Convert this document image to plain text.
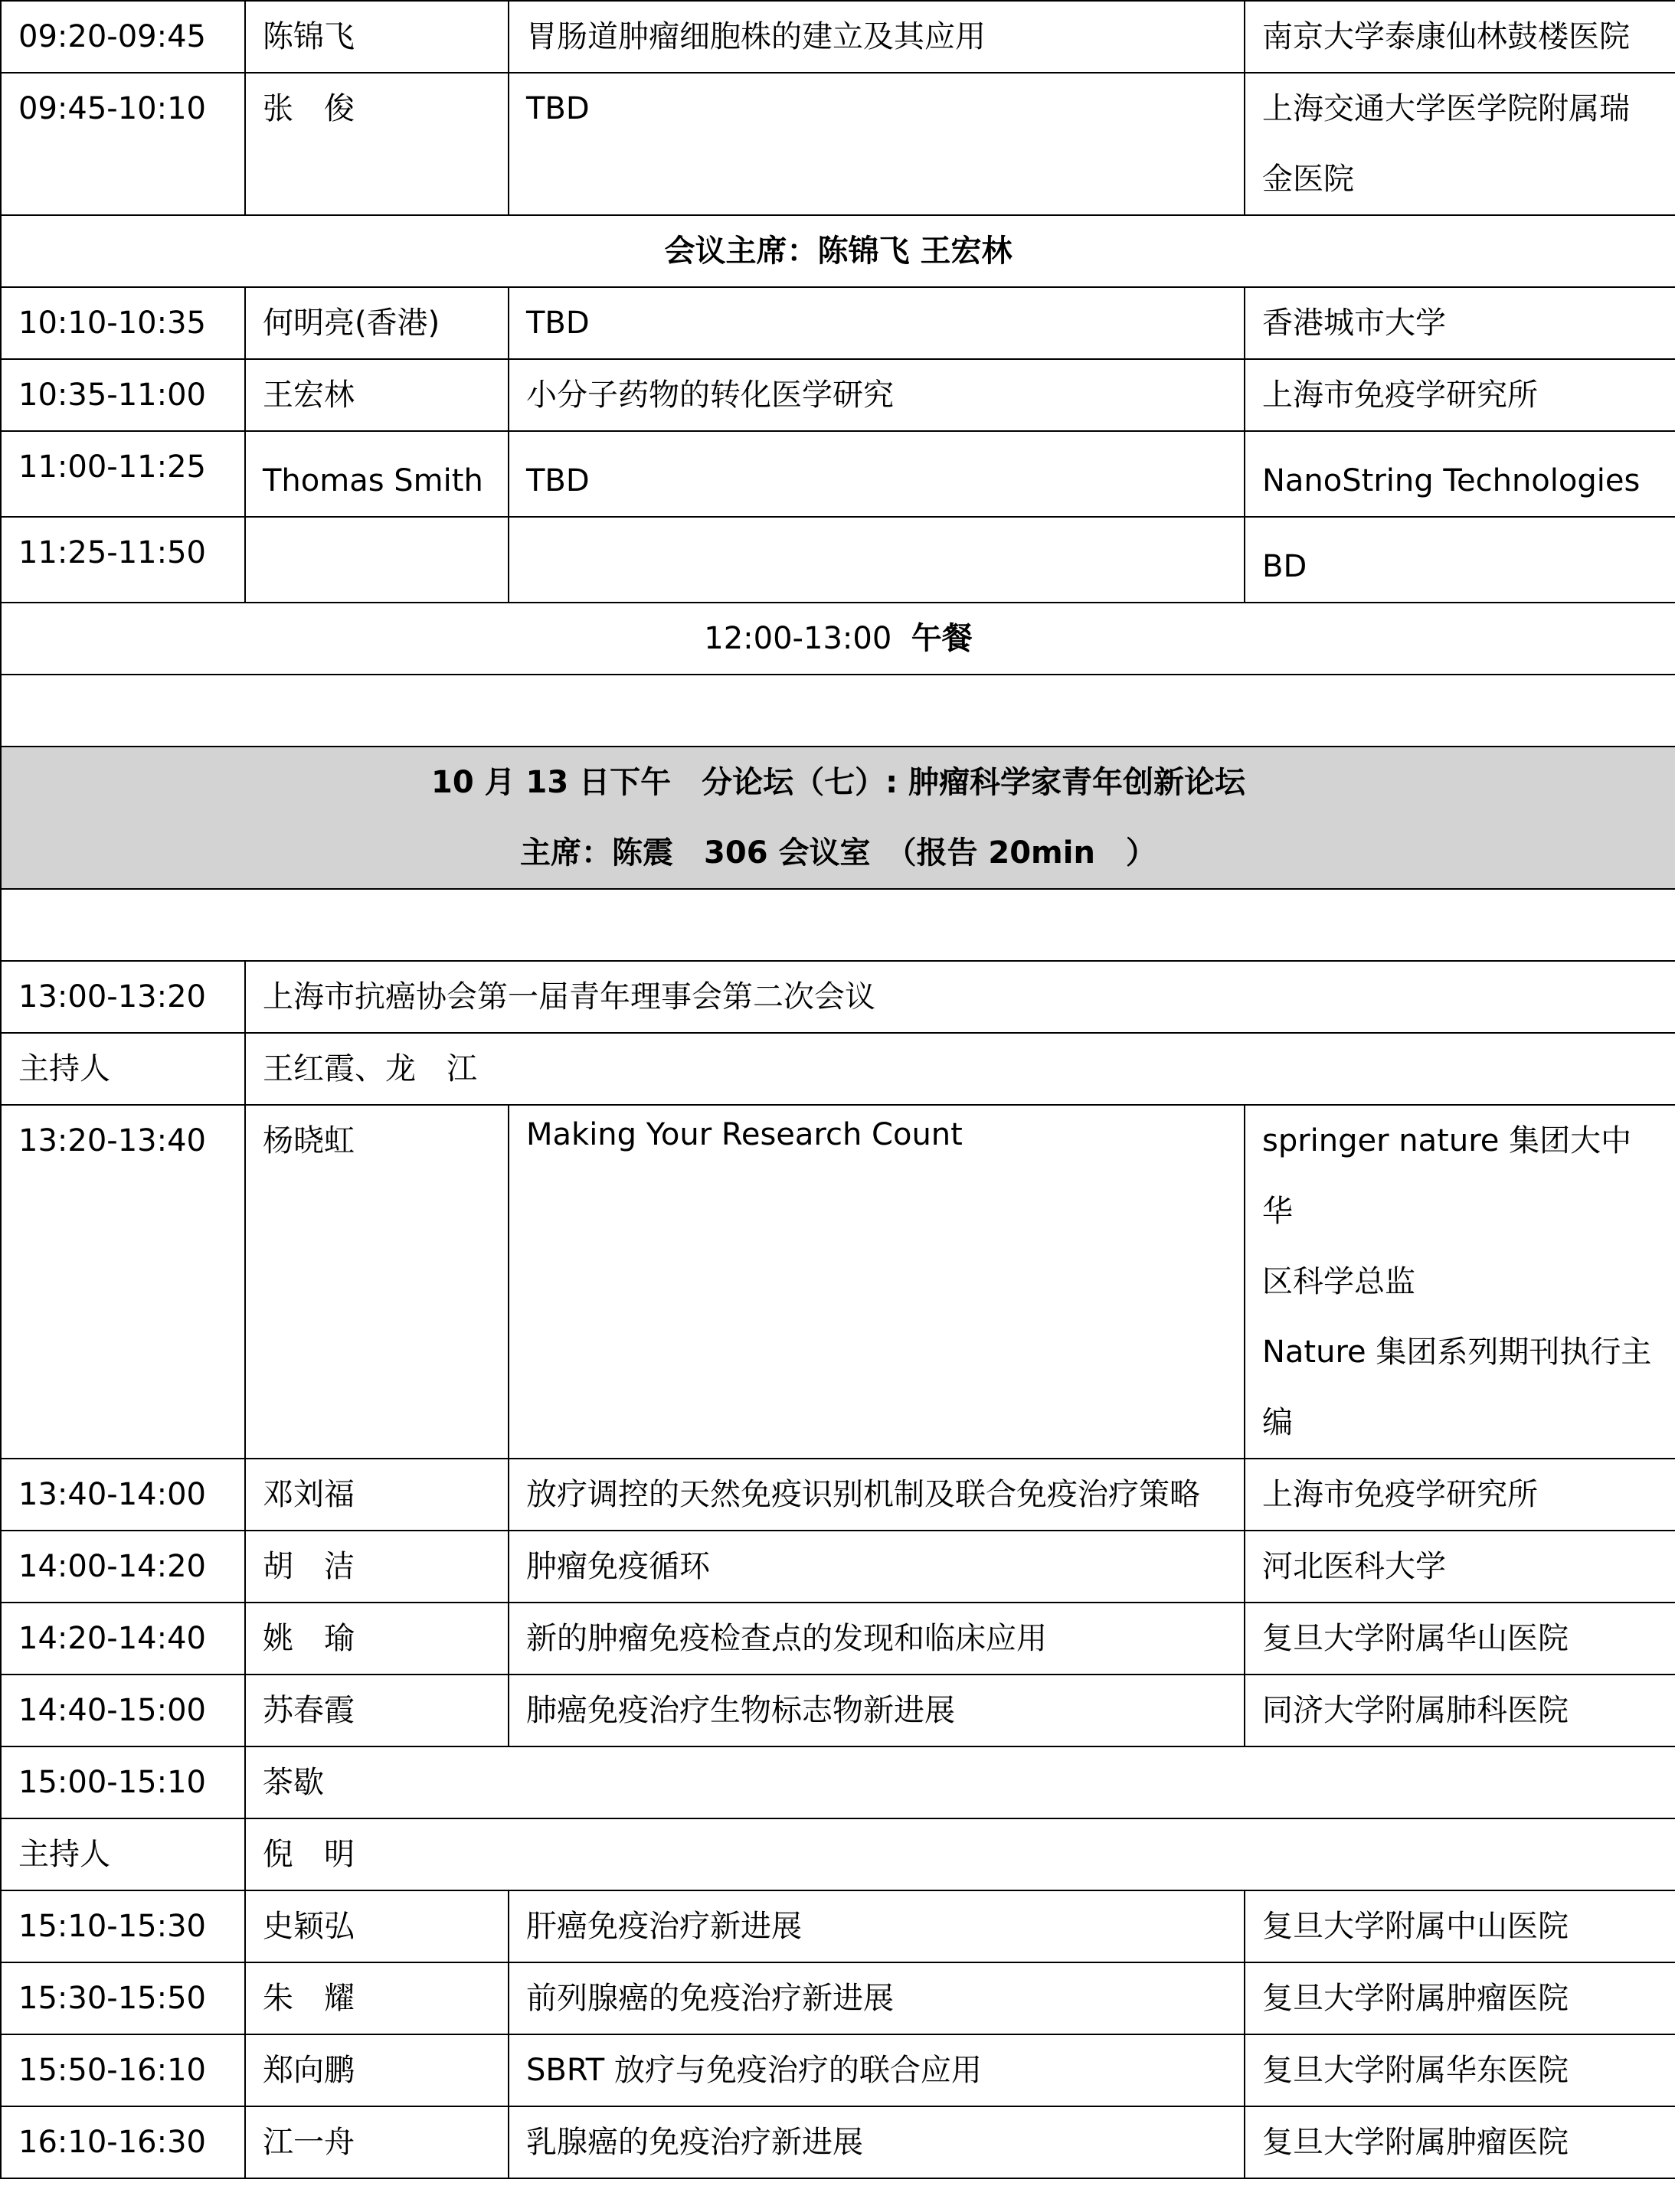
09:20-09:45	陈锦飞	胃肠道肿瘤细胞株的建立及其应用	南京大学泰康仙林鼓楼医院
09:45-10:10	张　俊	TBD	上海交通大学医学院附属瑞
金医院

会议主席：陈锦飞 王宏林			
10:10-10:35	何明亮(香港)	TBD	香港城市大学
10:35-11:00	王宏林	小分子药物的转化医学研究	上海市免疫学研究所
11:00-11:25	Thomas Smith	TBD	NanoString Technologies
11:25-11:50			BD
12:00-13:00 午餐			

10 月 13 日下午　分论坛（七）: 肿瘤科学家青年创新论坛
主席：陈震　306 会议室　（报告 20min　）			

13:00-13:20	上海市抗癌协会第一届青年理事会第二次会议		
主持人	王红霞、龙　江		
13:20-13:40	杨晓虹	Making Your Research Count	springer nature 集团大中华
区科学总监
Nature 集团系列期刊执行主
编

13:40-14:00	邓刘福	放疗调控的天然免疫识别机制及联合免疫治疗策略	上海市免疫学研究所
14:00-14:20	胡　洁	肿瘤免疫循环	河北医科大学
14:20-14:40	姚　瑜	新的肿瘤免疫检查点的发现和临床应用	复旦大学附属华山医院
14:40-15:00	苏春霞	肺癌免疫治疗生物标志物新进展	同济大学附属肺科医院
15:00-15:10	茶歇		
主持人	倪　明		
15:10-15:30	史颖弘	肝癌免疫治疗新进展	复旦大学附属中山医院
15:30-15:50	朱　耀	前列腺癌的免疫治疗新进展	复旦大学附属肿瘤医院
15:50-16:10	郑向鹏	SBRT 放疗与免疫治疗的联合应用	复旦大学附属华东医院
16:10-16:30	江一舟	乳腺癌的免疫治疗新进展	复旦大学附属肿瘤医院
